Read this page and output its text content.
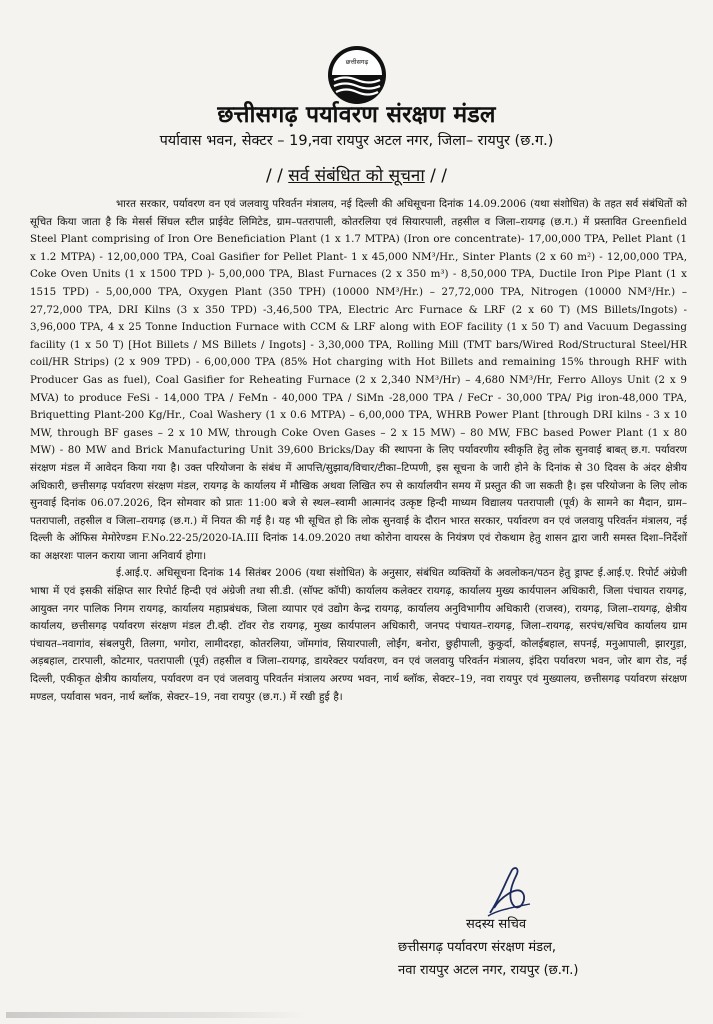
छत्तीसगढ़
छत्तीसगढ़ पर्यावरण संरक्षण मंडल
पर्यावास भवन, सेक्टर – 19,नवा रायपुर अटल नगर, जिला– रायपुर (छ.ग.)
/ / सर्व संबंधित को सूचना / /

भारत सरकार, पर्यावरण वन एवं जलवायु परिवर्तन मंत्रालय, नई दिल्ली की अधिसूचना दिनांक 14.09.2006 (यथा संशोधित) के तहत सर्व संबंधितों को सूचित किया जाता है कि मेसर्स सिंघल स्टील प्राईवेट लिमिटेड, ग्राम–पतरापाली, कोतरलिया एवं सियारपाली, तहसील व जिला–रायगढ़ (छ.ग.) में प्रस्तावित Greenfield Steel Plant comprising of Iron Ore Beneficiation Plant (1 x 1.7 MTPA) (Iron ore concentrate)- 17,00,000 TPA, Pellet Plant (1 x 1.2 MTPA) - 12,00,000 TPA, Coal Gasifier for Pellet Plant- 1 x 45,000 NM³/Hr., Sinter Plants (2 x 60 m²) - 12,00,000 TPA, Coke Oven Units (1 x 1500 TPD )- 5,00,000 TPA, Blast Furnaces (2 x 350 m³) - 8,50,000 TPA, Ductile Iron Pipe Plant (1 x 1515 TPD) - 5,00,000 TPA, Oxygen Plant (350 TPH) (10000 NM³/Hr.) – 27,72,000 TPA, Nitrogen (10000 NM³/Hr.) – 27,72,000 TPA, DRI Kilns (3 x 350 TPD) -3,46,500 TPA, Electric Arc Furnace & LRF (2 x 60 T) (MS Billets/Ingots) - 3,96,000 TPA, 4 x 25 Tonne Induction Furnace with CCM & LRF along with EOF facility (1 x 50 T) and Vacuum Degassing facility (1 x 50 T) [Hot Billets / MS Billets / Ingots] - 3,30,000 TPA, Rolling Mill (TMT bars/Wired Rod/Structural Steel/HR coil/HR Strips) (2 x 909 TPD) - 6,00,000 TPA (85% Hot charging with Hot Billets and remaining 15% through RHF with Producer Gas as fuel), Coal Gasifier for Reheating Furnace (2 x 2,340 NM³/Hr) – 4,680 NM³/Hr, Ferro Alloys Unit (2 x 9 MVA) to produce FeSi - 14,000 TPA / FeMn - 40,000 TPA / SiMn -28,000 TPA / FeCr - 30,000 TPA/ Pig iron-48,000 TPA, Briquetting Plant-200 Kg/Hr., Coal Washery (1 x 0.6 MTPA) – 6,00,000 TPA, WHRB Power Plant [through DRI kilns - 3 x 10 MW, through BF gases – 2 x 10 MW, through Coke Oven Gases – 2 x 15 MW) – 80 MW, FBC based Power Plant (1 x 80 MW) - 80 MW and Brick Manufacturing Unit 39,600 Bricks/Day की स्थापना के लिए पर्यावरणीय स्वीकृति हेतु लोक सुनवाई बाबत् छ.ग. पर्यावरण संरक्षण मंडल में आवेदन किया गया है। उक्त परियोजना के संबंध में आपत्ति/सुझाव/विचार/टीका–टिप्पणी, इस सूचना के जारी होने के दिनांक से 30 दिवस के अंदर क्षेत्रीय अधिकारी, छत्तीसगढ़ पर्यावरण संरक्षण मंडल, रायगढ़ के कार्यालय में मौखिक अथवा लिखित रुप से कार्यालयीन समय में प्रस्तुत की जा सकती है। इस परियोजना के लिए लोक सुनवाई दिनांक 06.07.2026, दिन सोमवार को प्रातः 11:00 बजे से स्थल–स्वामी आत्मानंद उत्कृष्ट हिन्दी माध्यम विद्यालय पतरापाली (पूर्व) के सामने का मैदान, ग्राम–पतरापाली, तहसील व जिला–रायगढ़ (छ.ग.) में नियत की गई है। यह भी सूचित हो कि लोक सुनवाई के दौरान भारत सरकार, पर्यावरण वन एवं जलवायु परिवर्तन मंत्रालय, नई दिल्ली के ऑफिस मेमोरेण्डम F.No.22-25/2020-IA.III दिनांक 14.09.2020 तथा कोरोना वायरस के नियंत्रण एवं रोकथाम हेतु शासन द्वारा जारी समस्त दिशा–निर्देशों का अक्षरशः पालन कराया जाना अनिवार्य होगा।

ई.आई.ए. अधिसूचना दिनांक 14 सितंबर 2006 (यथा संशोधित) के अनुसार, संबंधित व्यक्तियों के अवलोकन/पठन हेतु ड्राफ्ट ई.आई.ए. रिपोर्ट अंग्रेजी भाषा में एवं इसकी संक्षिप्त सार रिपोर्ट हिन्दी एवं अंग्रेजी तथा सी.डी. (सॉफ्ट कॉपी) कार्यालय कलेक्टर रायगढ़, कार्यालय मुख्य कार्यपालन अधिकारी, जिला पंचायत रायगढ़, आयुक्त नगर पालिक निगम रायगढ़, कार्यालय महाप्रबंधक, जिला व्यापार एवं उद्योग केन्द्र रायगढ़, कार्यालय अनुविभागीय अधिकारी (राजस्व), रायगढ़, जिला–रायगढ़, क्षेत्रीय कार्यालय, छत्तीसगढ़ पर्यावरण संरक्षण मंडल टी.व्ही. टॉवर रोड रायगढ़, मुख्य कार्यपालन अधिकारी, जनपद पंचायत–रायगढ़, जिला–रायगढ़, सरपंच/सचिव कार्यालय ग्राम पंचायत–नवागांव, संबलपुरी, तिलगा, भगोरा, लामीदरहा, कोतरलिया, जोंमगांव, सियारपाली, लोईंग, बनोरा, छुहीपाली, कुकुर्दा, कोलईबहाल, सपनई, मनुआपाली, झारगुड़ा, अड़बहाल, टारपाली, कोटमार, पतरापाली (पूर्व) तहसील व जिला–रायगढ़, डायरेक्टर पर्यावरण, वन एवं जलवायु परिवर्तन मंत्रालय, इंदिरा पर्यावरण भवन, जोर बाग रोड, नई दिल्ली, एकीकृत क्षेत्रीय कार्यालय, पर्यावरण वन एवं जलवायु परिवर्तन मंत्रालय अरण्य भवन, नार्थ ब्लॉक, सेक्टर–19, नवा रायपुर एवं मुख्यालय, छत्तीसगढ़ पर्यावरण संरक्षण मण्डल, पर्यावास भवन, नार्थ ब्लॉक, सेक्टर–19, नवा रायपुर (छ.ग.) में रखी हुई है।

सदस्य सचिव
छत्तीसगढ़ पर्यावरण संरक्षण मंडल,
नवा रायपुर अटल नगर, रायपुर (छ.ग.)
